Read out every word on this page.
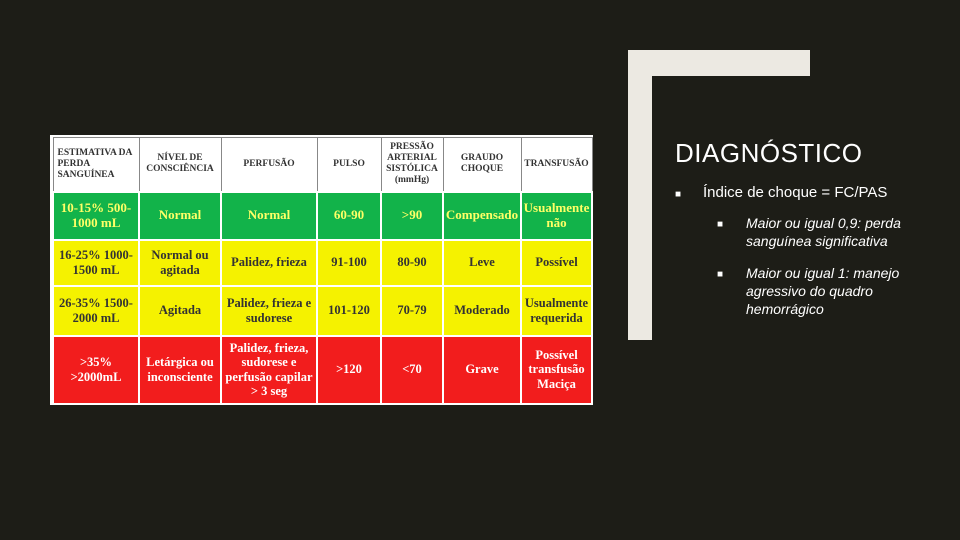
ESTIMATIVA DA PERDA SANGUÍNEA	NÍVEL DE CONSCIÊNCIA	PERFUSÃO	PULSO	PRESSÃO ARTERIAL SISTÓLICA (mmHg)	GRAUDO CHOQUE	TRANSFUSÃO
10-15% 500-1000 mL	Normal	Normal	60-90	>90	Compensado	Usualmente não
16-25% 1000-1500 mL	Normal ou agitada	Palidez, frieza	91-100	80-90	Leve	Possível
26-35% 1500-2000 mL	Agitada	Palidez, frieza e sudorese	101-120	70-79	Moderado	Usualmente requerida
>35% >2000mL	Letárgica ou inconsciente	Palidez, frieza, sudorese e perfusão capilar > 3 seg	>120	<70	Grave	Possível transfusão Maciça
DIAGNÓSTICO
■ Índice de choque = FC/PAS
■ Maior ou igual 0,9: perda sanguínea significativa
■ Maior ou igual 1: manejo agressivo do quadro hemorrágico
